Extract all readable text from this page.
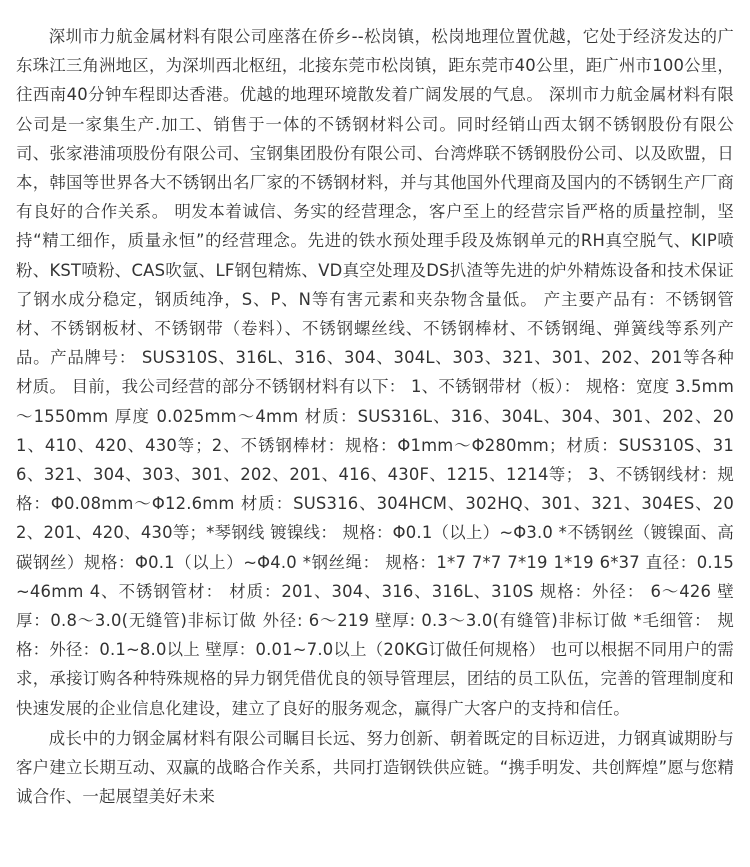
深圳市力航金属材料有限公司座落在侨乡--松岗镇，松岗地理位置优越，它处于经济发达的广东珠江三角洲地区，为深圳西北枢纽，北接东莞市松岗镇，距东莞市40公里，距广州市100公里，往西南40分钟车程即达香港。优越的地理环境散发着广阔发展的气息。 深圳市力航金属材料有限公司是一家集生产.加工、销售于一体的不锈钢材料公司。同时经销山西太钢不锈钢股份有限公司、张家港浦项股份有限公司、宝钢集团股份有限公司、台湾烨联不锈钢股份公司、以及欧盟，日本，韩国等世界各大不锈钢出名厂家的不锈钢材料，并与其他国外代理商及国内的不锈钢生产厂商有良好的合作关系。 明发本着诚信、务实的经营理念，客户至上的经营宗旨严格的质量控制，坚持“精工细作，质量永恒”的经营理念。先进的铁水预处理手段及炼钢单元的RH真空脱气、KIP喷粉、KST喷粉、CAS吹氩、LF钢包精炼、VD真空处理及DS扒渣等先进的炉外精炼设备和技术保证了钢水成分稳定，钢质纯净，S、P、N等有害元素和夹杂物含量低。 产主要产品有：不锈钢管材、不锈钢板材、不锈钢带（卷料）、不锈钢螺丝线、不锈钢棒材、不锈钢绳、弹簧线等系列产品。产品牌号： SUS310S、316L、316、304、304L、303、321、301、202、201等各种材质。 目前，我公司经营的部分不锈钢材料有以下： 1、不锈钢带材（板）： 规格：宽度 3.5mm～1550mm 厚度 0.025mm～4mm 材质：SUS316L、316、304L、304、301、202、201、410、420、430等；2、不锈钢棒材：规格：Φ1mm～Φ280mm；材质：SUS310S、316、321、304、303、301、202、201、416、430F、1215、1214等； 3、不锈钢线材：规格：Φ0.08mm～Φ12.6mm 材质：SUS316、304HCM、302HQ、301、321、304ES、202、201、420、430等；*琴钢线 镀镍线： 规格：Φ0.1（以上）~Φ3.0 *不锈钢丝（镀镍面、高碳钢丝）规格：Φ0.1（以上）~Φ4.0 *钢丝绳： 规格：1*7 7*7 7*19 1*19 6*37 直径：0.15~46mm 4、不锈钢管材： 材质：201、304、316、316L、310S 规格：外径： 6～426 壁厚：0.8～3.0(无缝管)非标订做 外径: 6～219 壁厚: 0.3～3.0(有缝管)非标订做 *毛细管： 规格：外径：0.1~8.0以上 壁厚：0.01~7.0以上（20KG订做任何规格） 也可以根据不同用户的需求，承接订购各种特殊规格的异力钢凭借优良的领导管理层，团结的员工队伍，完善的管理制度和快速发展的企业信息化建设，建立了良好的服务观念，赢得广大客户的支持和信任。

成长中的力钢金属材料有限公司瞩目长远、努力创新、朝着既定的目标迈进，力钢真诚期盼与客户建立长期互动、双赢的战略合作关系，共同打造钢铁供应链。“携手明发、共创辉煌”愿与您精诚合作、一起展望美好未来
